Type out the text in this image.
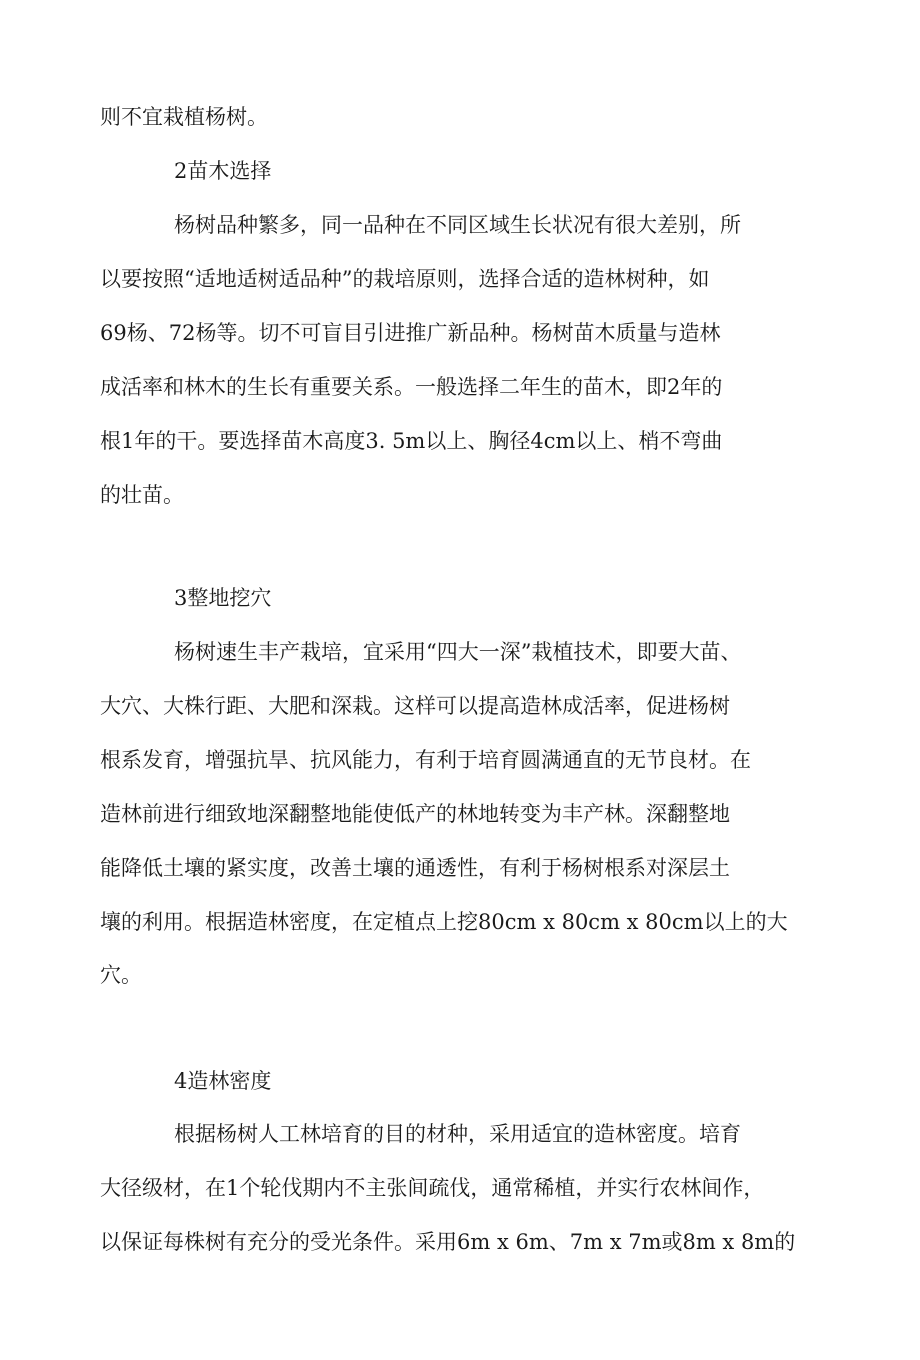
则不宜栽植杨树。
2苗木选择
杨树品种繁多，同一品种在不同区域生长状况有很大差别，所
以要按照“适地适树适品种”的栽培原则，选择合适的造林树种，如
69杨、72杨等。切不可盲目引进推广新品种。杨树苗木质量与造林
成活率和林木的生长有重要关系。一般选择二年生的苗木，即2年的
根1年的干。要选择苗木高度3. 5m以上、胸径4cm以上、梢不弯曲
的壮苗。
3整地挖穴
杨树速生丰产栽培，宜采用“四大一深”栽植技术，即要大苗、
大穴、大株行距、大肥和深栽。这样可以提高造林成活率，促进杨树
根系发育，增强抗旱、抗风能力，有利于培育圆满通直的无节良材。在
造林前进行细致地深翻整地能使低产的林地转变为丰产林。深翻整地
能降低土壤的紧实度，改善土壤的通透性，有利于杨树根系对深层土
壤的利用。根据造林密度，在定植点上挖80cm x 80cm x 80cm以上的大
穴。
4造林密度
根据杨树人工林培育的目的材种，采用适宜的造林密度。培育
大径级材，在1个轮伐期内不主张间疏伐，通常稀植，并实行农林间作，
以保证每株树有充分的受光条件。采用6m x 6m、7m x 7m或8m x 8m的
